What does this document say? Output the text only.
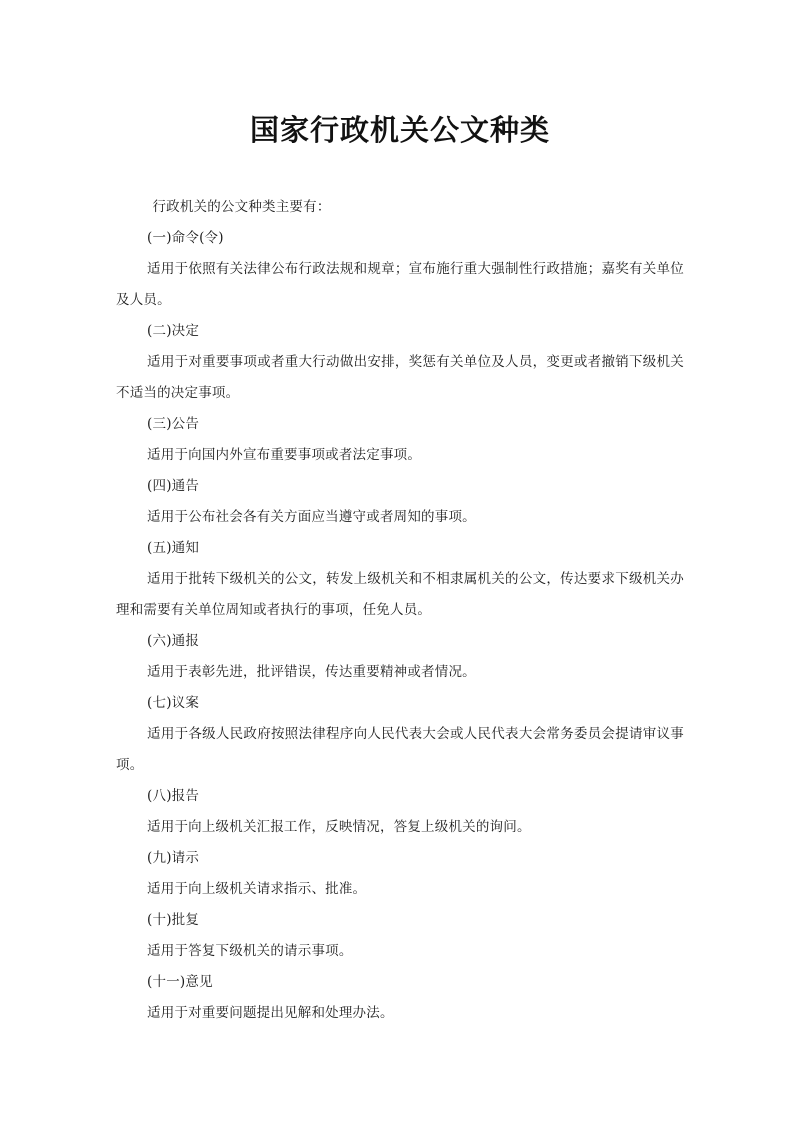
国家行政机关公文种类

行政机关的公文种类主要有：

(一)命令(令)

适用于依照有关法律公布行政法规和规章；宣布施行重大强制性行政措施；嘉奖有关单位及人员。

(二)决定

适用于对重要事项或者重大行动做出安排，奖惩有关单位及人员，变更或者撤销下级机关不适当的决定事项。

(三)公告

适用于向国内外宣布重要事项或者法定事项。

(四)通告

适用于公布社会各有关方面应当遵守或者周知的事项。

(五)通知

适用于批转下级机关的公文，转发上级机关和不相隶属机关的公文，传达要求下级机关办理和需要有关单位周知或者执行的事项，任免人员。

(六)通报

适用于表彰先进，批评错误，传达重要精神或者情况。

(七)议案

适用于各级人民政府按照法律程序向人民代表大会或人民代表大会常务委员会提请审议事项。

(八)报告

适用于向上级机关汇报工作，反映情况，答复上级机关的询问。

(九)请示

适用于向上级机关请求指示、批准。

(十)批复

适用于答复下级机关的请示事项。

(十一)意见

适用于对重要问题提出见解和处理办法。
